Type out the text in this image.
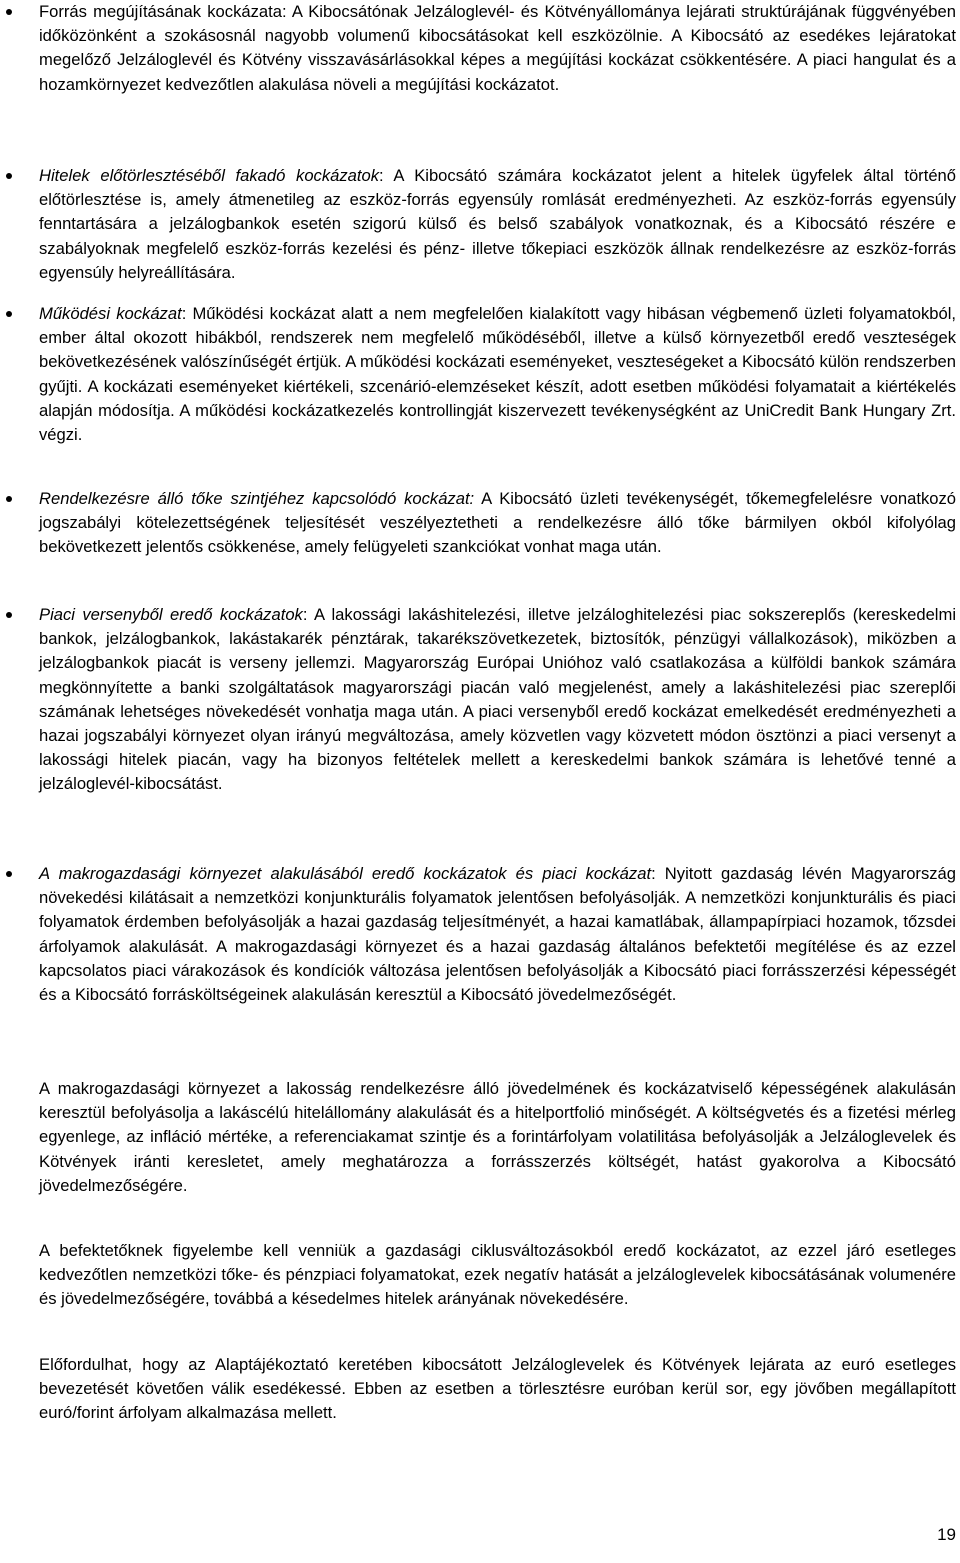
Forrás megújításának kockázata: A Kibocsátónak Jelzáloglevél- és Kötvényállománya lejárati struktúrájának függvényében időközönként a szokásosnál nagyobb volumenű kibocsátásokat kell eszközölnie. A Kibocsátó az esedékes lejáratokat megelőző Jelzáloglevél és Kötvény visszavásárlásokkal képes a megújítási kockázat csökkentésére. A piaci hangulat és a hozamkörnyezet kedvezőtlen alakulása növeli a megújítási kockázatot.
Hitelek előtörlesztéséből fakadó kockázatok: A Kibocsátó számára kockázatot jelent a hitelek ügyfelek által történő előtörlesztése is, amely átmenetileg az eszköz-forrás egyensúly romlását eredményezheti. Az eszköz-forrás egyensúly fenntartására a jelzálogbankok esetén szigorú külső és belső szabályok vonatkoznak, és a Kibocsátó részére e szabályoknak megfelelő eszköz-forrás kezelési és pénz- illetve tőkepiaci eszközök állnak rendelkezésre az eszköz-forrás egyensúly helyreállítására.
Működési kockázat: Működési kockázat alatt a nem megfelelően kialakított vagy hibásan végbemenő üzleti folyamatokból, ember által okozott hibákból, rendszerek nem megfelelő működéséből, illetve a külső környezetből eredő veszteségek bekövetkezésének valószínűségét értjük. A működési kockázati eseményeket, veszteségeket a Kibocsátó külön rendszerben gyűjti. A kockázati eseményeket kiértékeli, szcenárió-elemzéseket készít, adott esetben működési folyamatait a kiértékelés alapján módosítja. A működési kockázatkezelés kontrollingját kiszervezett tevékenységként az UniCredit Bank Hungary Zrt. végzi.
Rendelkezésre álló tőke szintjéhez kapcsolódó kockázat: A Kibocsátó üzleti tevékenységét, tőkemegfelelésre vonatkozó jogszabályi kötelezettségének teljesítését veszélyeztetheti a rendelkezésre álló tőke bármilyen okból kifolyólag bekövetkezett jelentős csökkenése, amely felügyeleti szankciókat vonhat maga után.
Piaci versenyből eredő kockázatok: A lakossági lakáshitelezési, illetve jelzáloghitelezési piac sokszereplős (kereskedelmi bankok, jelzálogbankok, lakástakarék pénztárak, takarékszövetkezetek, biztosítók, pénzügyi vállalkozások), miközben a jelzálogbankok piacát is verseny jellemzi. Magyarország Európai Unióhoz való csatlakozása a külföldi bankok számára megkönnyítette a banki szolgáltatások magyarországi piacán való megjelenést, amely a lakáshitelezési piac szereplői számának lehetséges növekedését vonhatja maga után. A piaci versenyből eredő kockázat emelkedését eredményezheti a hazai jogszabályi környezet olyan irányú megváltozása, amely közvetlen vagy közvetett módon ösztönzi a piaci versenyt a lakossági hitelek piacán, vagy ha bizonyos feltételek mellett a kereskedelmi bankok számára is lehetővé tenné a jelzáloglevél-kibocsátást.
A makrogazdasági környezet alakulásából eredő kockázatok és piaci kockázat: Nyitott gazdaság lévén Magyarország növekedési kilátásait a nemzetközi konjunkturális folyamatok jelentősen befolyásolják. A nemzetközi konjunkturális és piaci folyamatok érdemben befolyásolják a hazai gazdaság teljesítményét, a hazai kamatlábak, állampapírpiaci hozamok, tőzsdei árfolyamok alakulását. A makrogazdasági környezet és a hazai gazdaság általános befektetői megítélése és az ezzel kapcsolatos piaci várakozások és kondíciók változása jelentősen befolyásolják a Kibocsátó piaci forrásszerzési képességét és a Kibocsátó forrásköltségeinek alakulásán keresztül a Kibocsátó jövedelmezőségét.
A makrogazdasági környezet a lakosság rendelkezésre álló jövedelmének és kockázatviselő képességének alakulásán keresztül befolyásolja a lakáscélú hitelállomány alakulását és a hitelportfolió minőségét. A költségvetés és a fizetési mérleg egyenlege, az infláció mértéke, a referenciakamat szintje és a forintárfolyam volatilitása befolyásolják a Jelzáloglevelek és Kötvények iránti keresletet, amely meghatározza a forrásszerzés költségét, hatást gyakorolva a Kibocsátó jövedelmezőségére.
A befektetőknek figyelembe kell venniük a gazdasági ciklusváltozásokból eredő kockázatot, az ezzel járó esetleges kedvezőtlen nemzetközi tőke- és pénzpiaci folyamatokat, ezek negatív hatását a jelzáloglevelek kibocsátásának volumenére és jövedelmezőségére, továbbá a késedelmes hitelek arányának növekedésére.
Előfordulhat, hogy az Alaptájékoztató keretében kibocsátott Jelzáloglevelek és Kötvények lejárata az euró esetleges bevezetését követően válik esedékessé. Ebben az esetben a törlesztésre euróban kerül sor, egy jövőben megállapított euró/forint árfolyam alkalmazása mellett.
19
